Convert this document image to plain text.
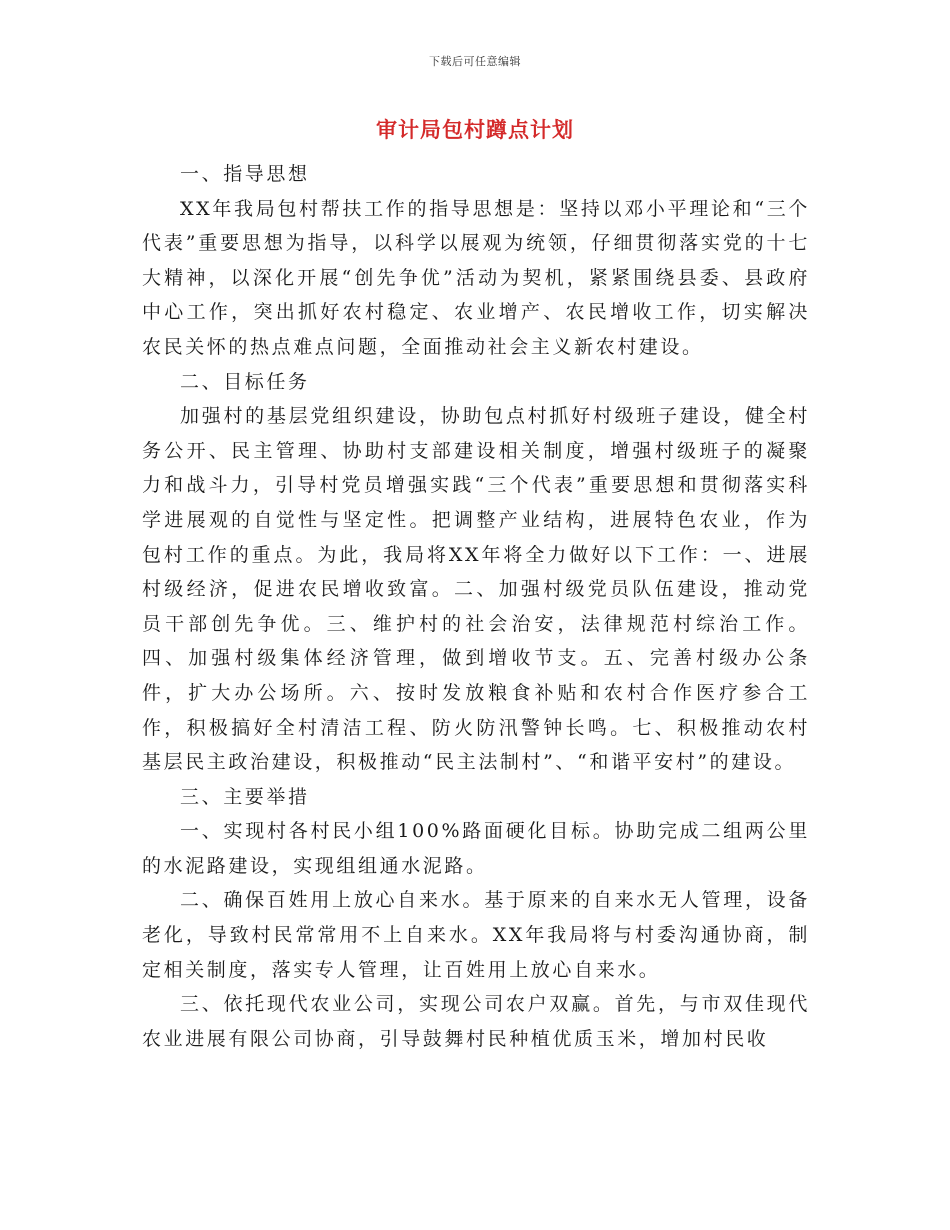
下载后可任意编辑
审计局包村蹲点计划

一、指导思想

XX年我局包村帮扶工作的指导思想是：坚持以邓小平理论和“三个代表”重要思想为指导，以科学以展观为统领，仔细贯彻落实党的十七大精神，以深化开展“创先争优”活动为契机，紧紧围绕县委、县政府中心工作，突出抓好农村稳定、农业增产、农民增收工作，切实解决农民关怀的热点难点问题，全面推动社会主义新农村建设。

二、目标任务

加强村的基层党组织建设，协助包点村抓好村级班子建设，健全村务公开、民主管理、协助村支部建设相关制度，增强村级班子的凝聚力和战斗力，引导村党员增强实践“三个代表”重要思想和贯彻落实科学进展观的自觉性与坚定性。把调整产业结构，进展特色农业，作为包村工作的重点。为此，我局将XX年将全力做好以下工作：一、进展村级经济，促进农民增收致富。二、加强村级党员队伍建设，推动党员干部创先争优。三、维护村的社会治安，法律规范村综治工作。四、加强村级集体经济管理，做到增收节支。五、完善村级办公条件，扩大办公场所。六、按时发放粮食补贴和农村合作医疗参合工作，积极搞好全村清洁工程、防火防汛警钟长鸣。七、积极推动农村基层民主政治建设，积极推动“民主法制村”、“和谐平安村”的建设。

三、主要举措

一、实现村各村民小组100%路面硬化目标。协助完成二组两公里的水泥路建设，实现组组通水泥路。

二、确保百姓用上放心自来水。基于原来的自来水无人管理，设备老化，导致村民常常用不上自来水。XX年我局将与村委沟通协商，制定相关制度，落实专人管理，让百姓用上放心自来水。

三、依托现代农业公司，实现公司农户双赢。首先，与市双佳现代农业进展有限公司协商，引导鼓舞村民种植优质玉米，增加村民收
